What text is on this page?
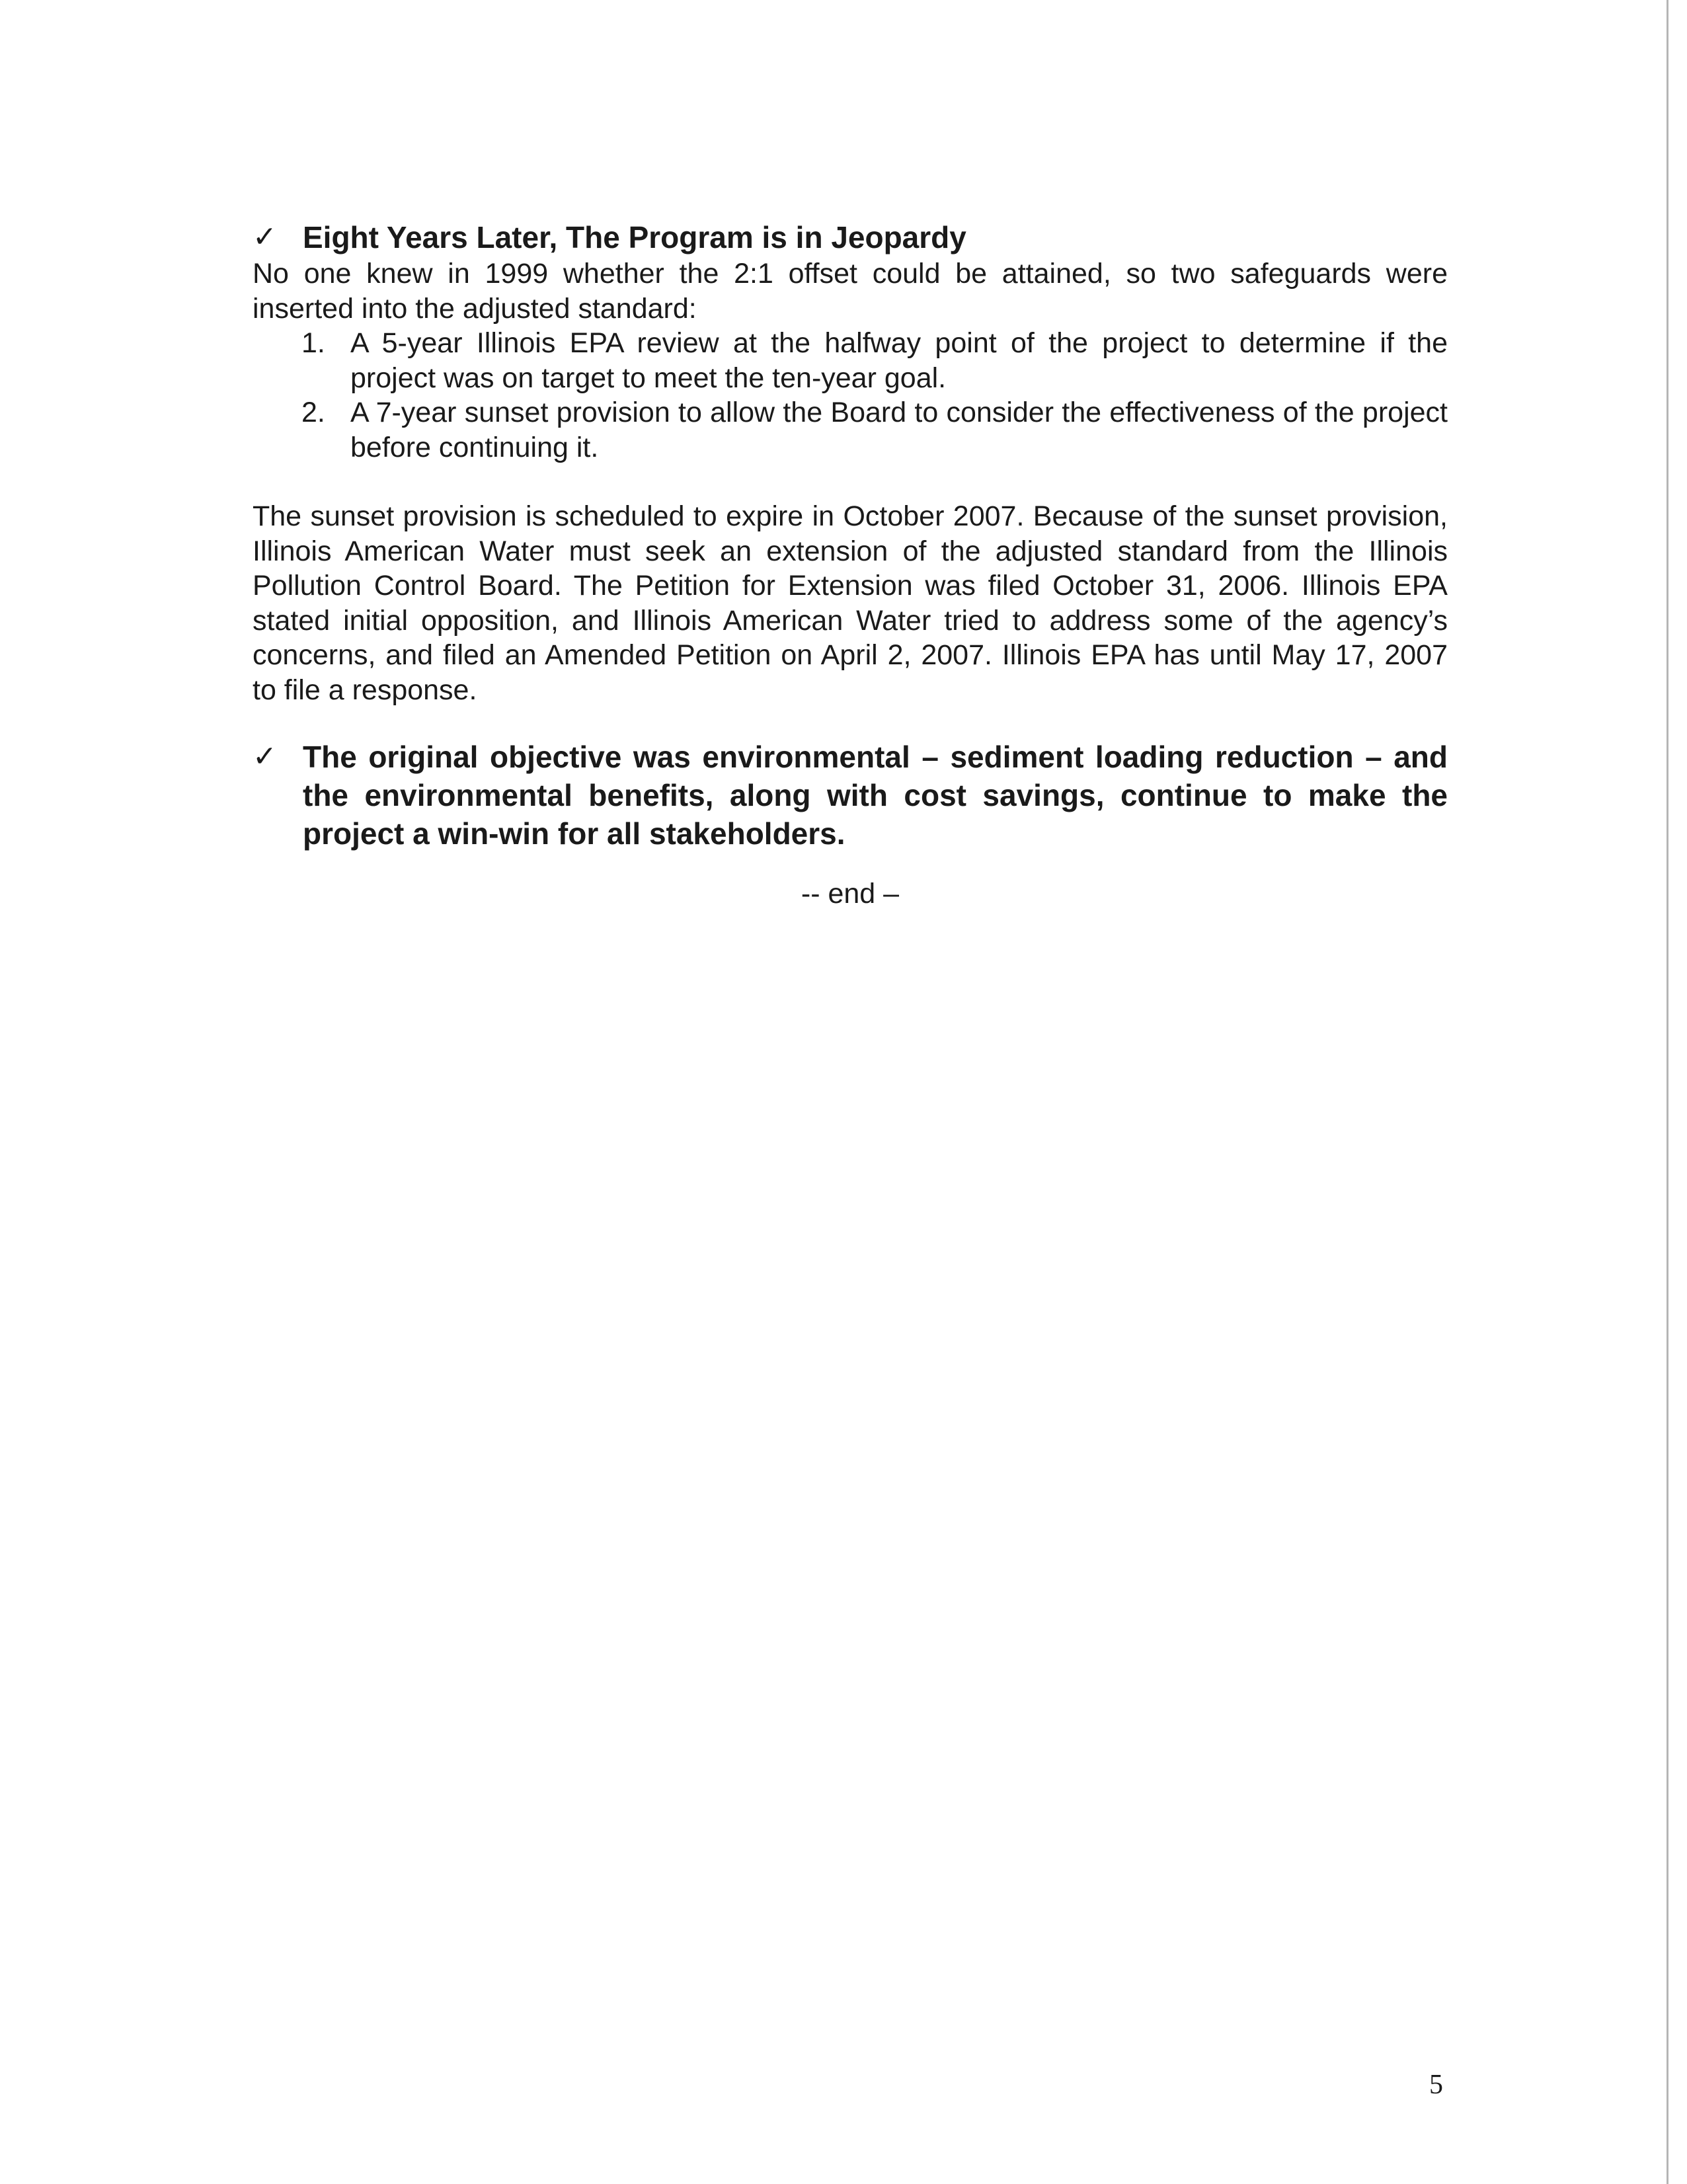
✓ Eight Years Later, The Program is in Jeopardy

No one knew in 1999 whether the 2:1 offset could be attained, so two safeguards were inserted into the adjusted standard:

1. A 5-year Illinois EPA review at the halfway point of the project to determine if the project was on target to meet the ten-year goal.
2. A 7-year sunset provision to allow the Board to consider the effectiveness of the project before continuing it.

The sunset provision is scheduled to expire in October 2007. Because of the sunset provision, Illinois American Water must seek an extension of the adjusted standard from the Illinois Pollution Control Board. The Petition for Extension was filed October 31, 2006. Illinois EPA stated initial opposition, and Illinois American Water tried to address some of the agency’s concerns, and filed an Amended Petition on April 2, 2007. Illinois EPA has until May 17, 2007 to file a response.

✓ The original objective was environmental – sediment loading reduction – and the environmental benefits, along with cost savings, continue to make the project a win-win for all stakeholders.
-- end –
5
